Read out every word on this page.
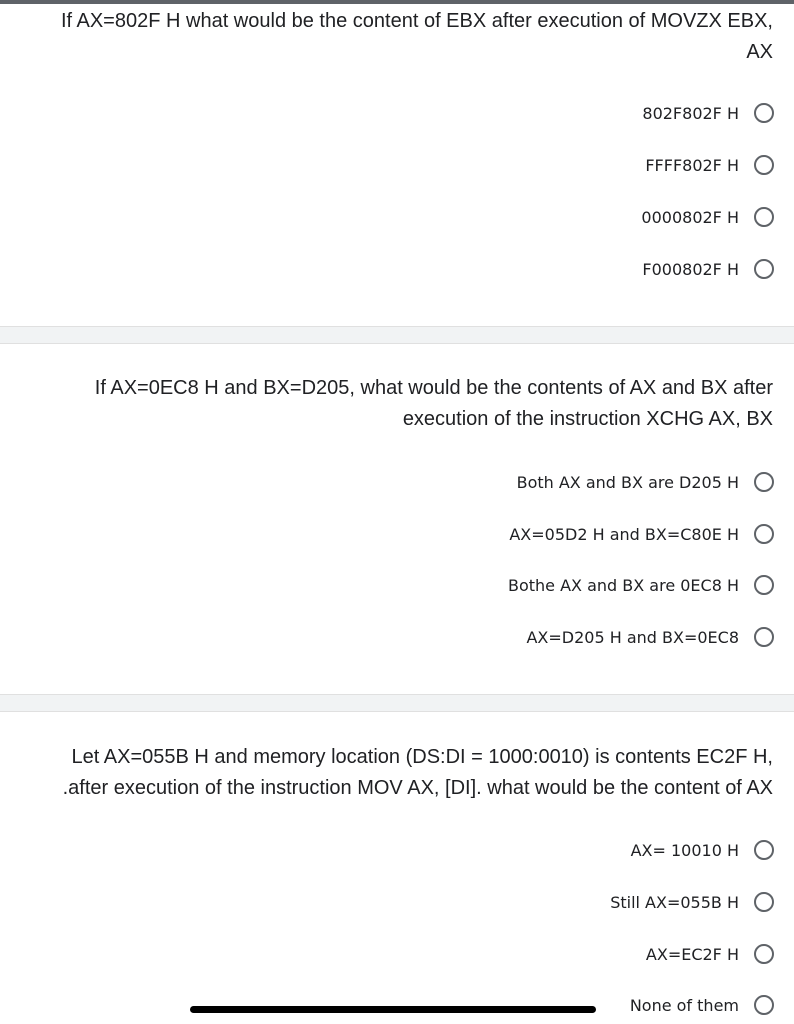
If AX=802F H what would be the content of EBX after execution of MOVZX EBX,
AX
802F802F H
FFFF802F H
0000802F H
F000802F H
If AX=0EC8 H and BX=D205, what would be the contents of AX and BX after
execution of the instruction XCHG AX, BX
Both AX and BX are D205 H
AX=05D2 H and BX=C80E H
Bothe AX and BX are 0EC8 H
AX=D205 H and BX=0EC8
Let AX=055B H and memory location (DS:DI = 1000:0010) is contents EC2F H,
.after execution of the instruction MOV AX, [DI]. what would be the content of AX
AX= 10010 H
Still AX=055B H
AX=EC2F H
None of them
